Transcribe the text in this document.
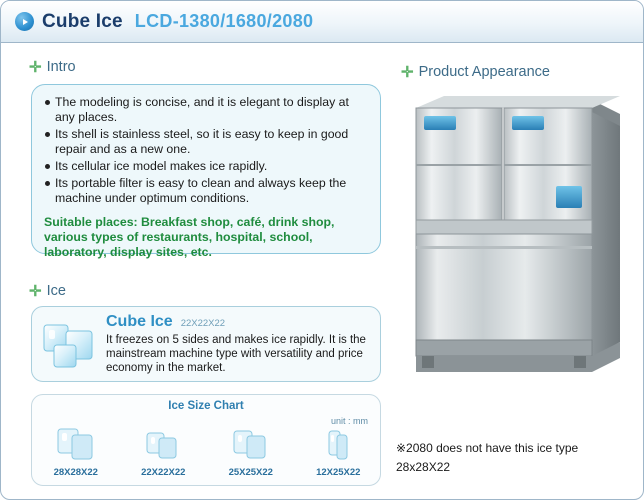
Cube Ice LCD-1380/1680/2080
✛ Intro
The modeling is concise, and it is elegant to display at any places.
Its shell is stainless steel, so it is easy to keep in good repair and as a new one.
Its cellular ice model makes ice rapidly.
Its portable filter is easy to clean and always keep the machine under optimum conditions.
Suitable places: Breakfast shop, café, drink shop, various types of restaurants, hospital, school, laboratory, display sites, etc.
✛ Product Appearance
✛ Ice
Cube Ice 22X22X22
It freezes on 5 sides and makes ice rapidly. It is the mainstream machine type with versatility and price economy in the market.
Ice Size Chart
unit : mm
28X28X22	22X22X22	25X25X22	12X25X22
※2080 does not have this ice type
28x28X22
